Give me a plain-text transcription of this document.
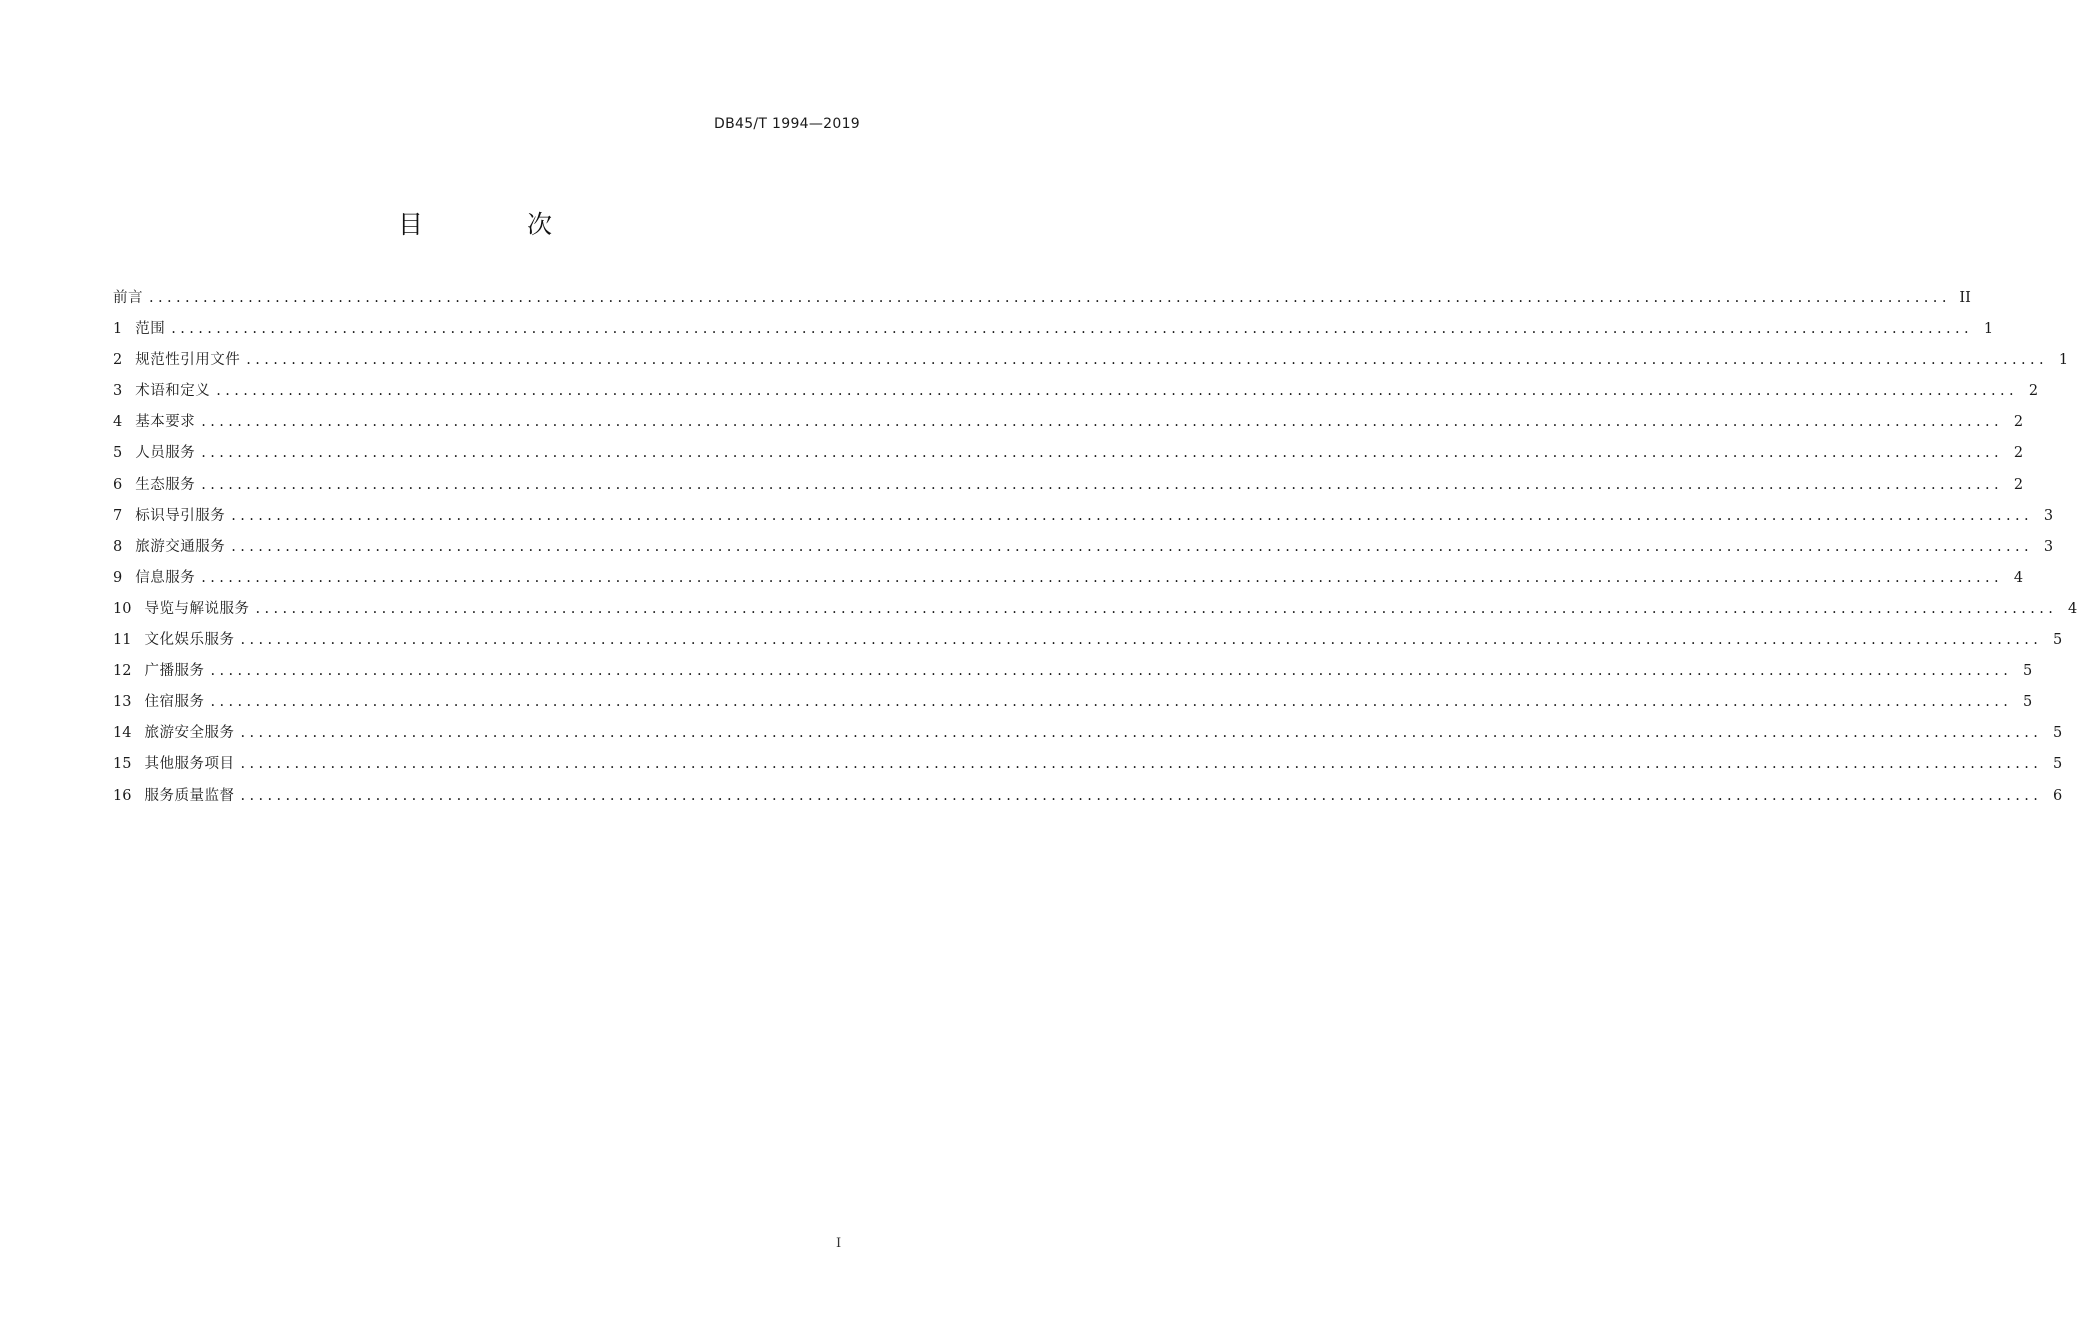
DB45/T 1994—2019
目 次
前言 ........................................................................................................................................................................................................ II
1 范围 ........................................................................................................................................................................................................ 1
2 规范性引用文件 ........................................................................................................................................................................................................ 1
3 术语和定义 ........................................................................................................................................................................................................ 2
4 基本要求 ........................................................................................................................................................................................................ 2
5 人员服务 ........................................................................................................................................................................................................ 2
6 生态服务 ........................................................................................................................................................................................................ 2
7 标识导引服务 ........................................................................................................................................................................................................ 3
8 旅游交通服务 ........................................................................................................................................................................................................ 3
9 信息服务 ........................................................................................................................................................................................................ 4
10 导览与解说服务 ........................................................................................................................................................................................................ 4
11 文化娱乐服务 ........................................................................................................................................................................................................ 5
12 广播服务 ........................................................................................................................................................................................................ 5
13 住宿服务 ........................................................................................................................................................................................................ 5
14 旅游安全服务 ........................................................................................................................................................................................................ 5
15 其他服务项目 ........................................................................................................................................................................................................ 5
16 服务质量监督 ........................................................................................................................................................................................................ 6
I
